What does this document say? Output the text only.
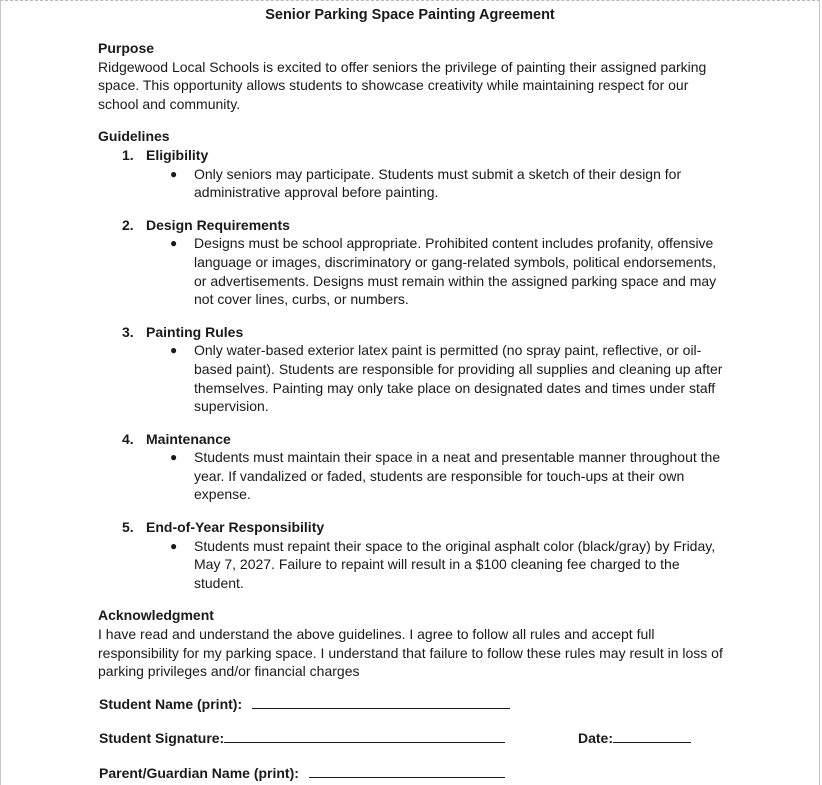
Senior Parking Space Painting Agreement

Purpose

Ridgewood Local Schools is excited to offer seniors the privilege of painting their assigned parking space. This opportunity allows students to showcase creativity while maintaining respect for our school and community.

Guidelines

1. Eligibility
● Only seniors may participate. Students must submit a sketch of their design for administrative approval before painting.
2. Design Requirements
● Designs must be school appropriate. Prohibited content includes profanity, offensive language or images, discriminatory or gang-related symbols, political endorsements, or advertisements. Designs must remain within the assigned parking space and may not cover lines, curbs, or numbers.
3. Painting Rules
● Only water-based exterior latex paint is permitted (no spray paint, reflective, or oil-based paint). Students are responsible for providing all supplies and cleaning up after themselves. Painting may only take place on designated dates and times under staff supervision.
4. Maintenance
● Students must maintain their space in a neat and presentable manner throughout the year. If vandalized or faded, students are responsible for touch-ups at their own expense.
5. End-of-Year Responsibility
● Students must repaint their space to the original asphalt color (black/gray) by Friday, May 7, 2027. Failure to repaint will result in a $100 cleaning fee charged to the student.

Acknowledgment

I have read and understand the above guidelines. I agree to follow all rules and accept full responsibility for my parking space. I understand that failure to follow these rules may result in loss of parking privileges and/or financial charges

Student Name (print):
Student Signature:	Date:
Parent/Guardian Name (print):
